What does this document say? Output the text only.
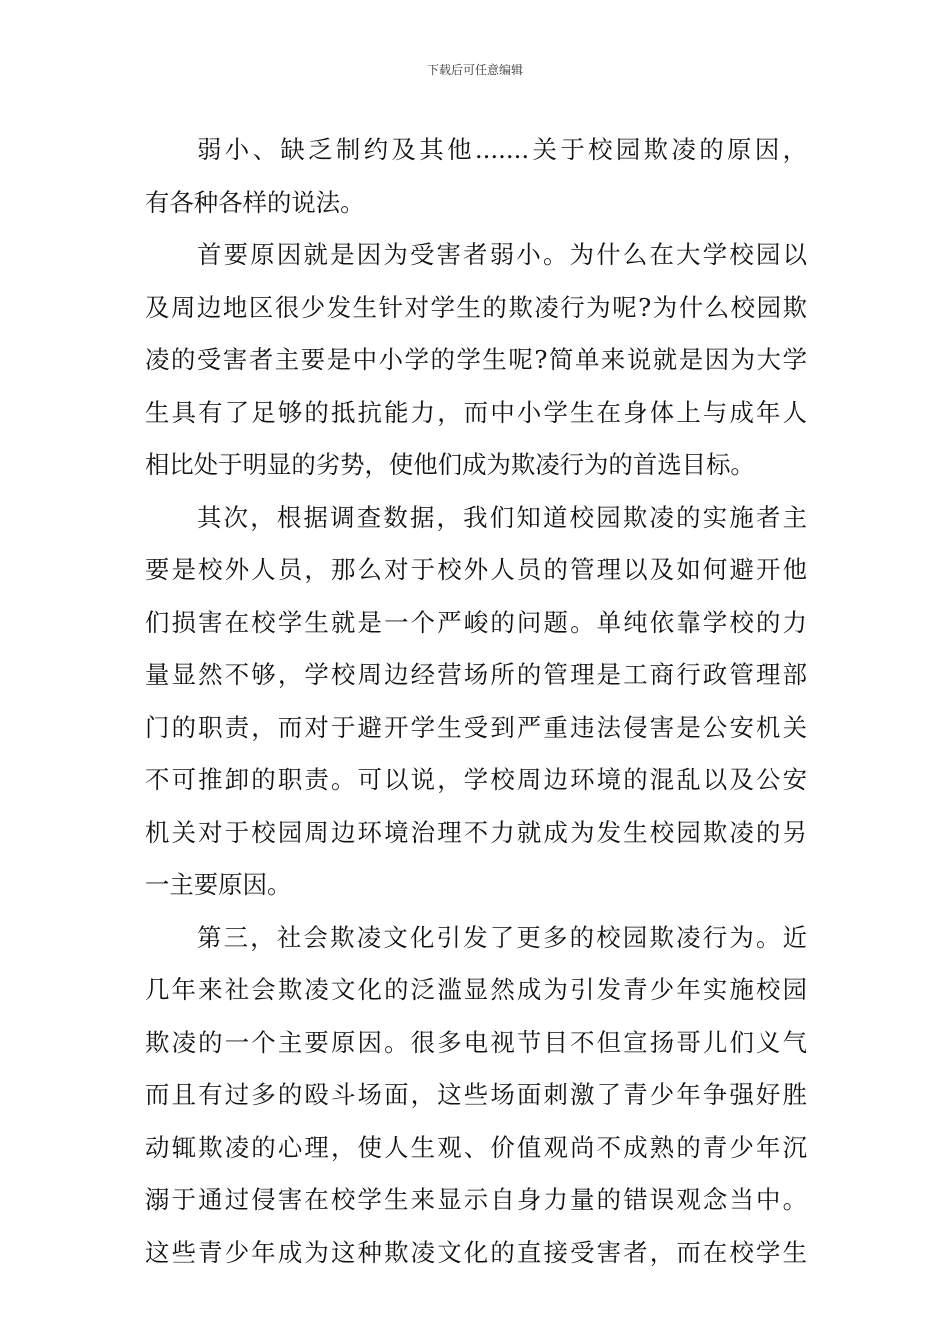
下载后可任意编辑
弱小、缺乏制约及其他.......关于校园欺凌的原因，
有各种各样的说法。
首要原因就是因为受害者弱小。为什么在大学校园以
及周边地区很少发生针对学生的欺凌行为呢?为什么校园欺
凌的受害者主要是中小学的学生呢?简单来说就是因为大学
生具有了足够的抵抗能力，而中小学生在身体上与成年人
相比处于明显的劣势，使他们成为欺凌行为的首选目标。
其次，根据调查数据，我们知道校园欺凌的实施者主
要是校外人员，那么对于校外人员的管理以及如何避开他
们损害在校学生就是一个严峻的问题。单纯依靠学校的力
量显然不够，学校周边经营场所的管理是工商行政管理部
门的职责，而对于避开学生受到严重违法侵害是公安机关
不可推卸的职责。可以说，学校周边环境的混乱以及公安
机关对于校园周边环境治理不力就成为发生校园欺凌的另
一主要原因。
第三，社会欺凌文化引发了更多的校园欺凌行为。近
几年来社会欺凌文化的泛滥显然成为引发青少年实施校园
欺凌的一个主要原因。很多电视节目不但宣扬哥儿们义气
而且有过多的殴斗场面，这些场面刺激了青少年争强好胜
动辄欺凌的心理，使人生观、价值观尚不成熟的青少年沉
溺于通过侵害在校学生来显示自身力量的错误观念当中。
这些青少年成为这种欺凌文化的直接受害者，而在校学生
